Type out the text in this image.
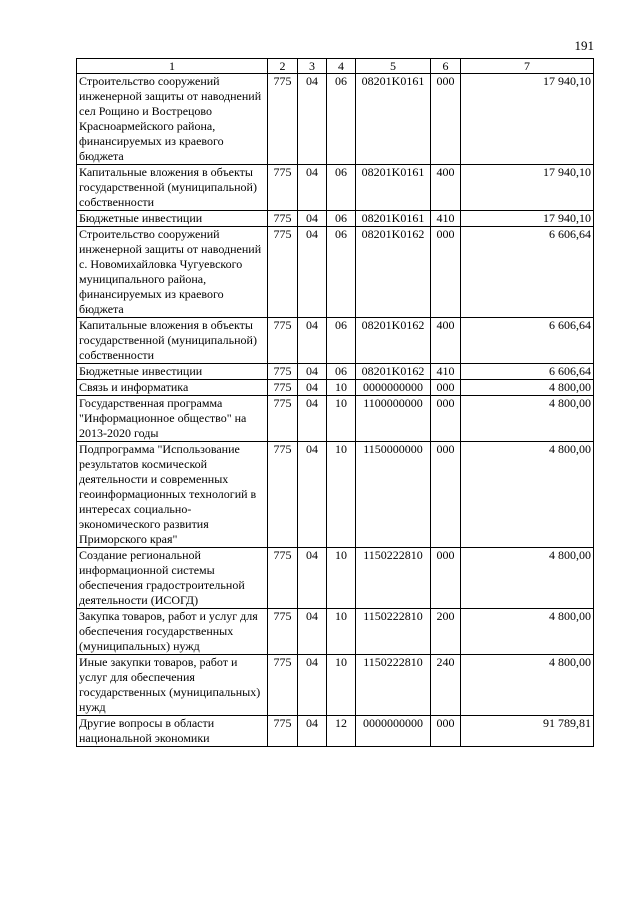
191
1	2	3	4	5	6	7
Строительство сооружений инженерной защиты от наводнений сел Рощино и Вострецово Красноармейского района, финансируемых из краевого бюджета	775	04	06	08201K0161	000	17 940,10
Капитальные вложения в объекты государственной (муниципальной) собственности	775	04	06	08201K0161	400	17 940,10
Бюджетные инвестиции	775	04	06	08201K0161	410	17 940,10
Строительство сооружений инженерной защиты от наводнений с. Новомихайловка Чугуевского муниципального района, финансируемых из краевого бюджета	775	04	06	08201K0162	000	6 606,64
Капитальные вложения в объекты государственной (муниципальной) собственности	775	04	06	08201K0162	400	6 606,64
Бюджетные инвестиции	775	04	06	08201K0162	410	6 606,64
Связь и информатика	775	04	10	0000000000	000	4 800,00
Государственная программа "Информационное общество" на 2013-2020 годы	775	04	10	1100000000	000	4 800,00
Подпрограмма "Использование результатов космической деятельности и современных геоинформационных технологий в интересах социально-экономического развития Приморского края"	775	04	10	1150000000	000	4 800,00
Создание региональной информационной системы обеспечения градостроительной деятельности (ИСОГД)	775	04	10	1150222810	000	4 800,00
Закупка товаров, работ и услуг для обеспечения государственных (муниципальных) нужд	775	04	10	1150222810	200	4 800,00
Иные закупки товаров, работ и услуг для обеспечения государственных (муниципальных) нужд	775	04	10	1150222810	240	4 800,00
Другие вопросы в области национальной экономики	775	04	12	0000000000	000	91 789,81
